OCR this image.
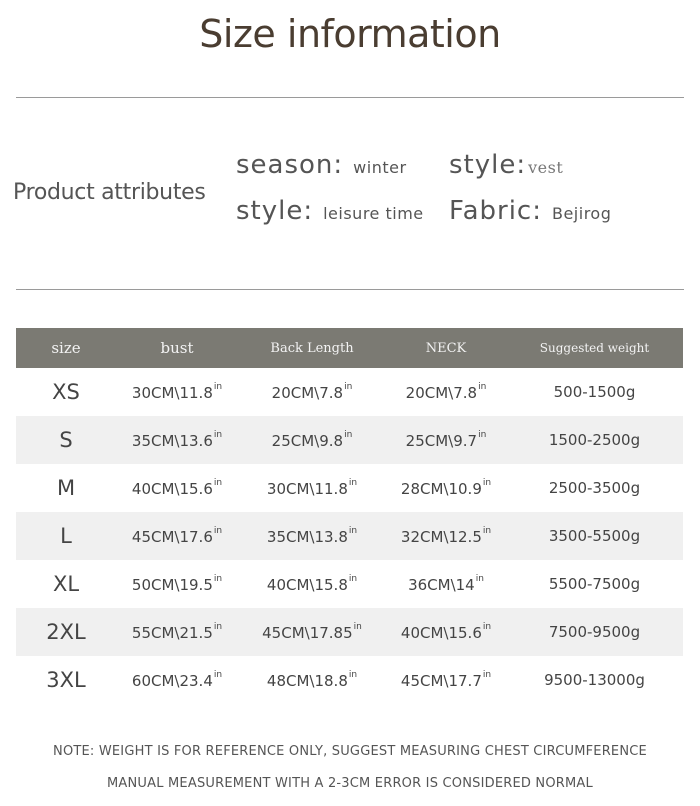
Size information
Product attributes
season: winter style: vest
style: leisure time Fabric: Bejirog
size	bust	Back Length	NECK	Suggested weight
XS	$30CM\backslash 11.8^{in}$	$20CM\backslash 7.8^{in}$	$20CM\backslash 7.8^{in}$	500-1500g
S	$35CM\backslash 13.6^{in}$	$25CM\backslash 9.8^{in}$	$25CM\backslash 9.7^{in}$	1500-2500g
M	$40CM\backslash 15.6^{in}$	$30CM\backslash 11.8^{in}$	$28CM\backslash 10.9^{in}$	2500-3500g
L	$45CM\backslash 17.6^{in}$	$35CM\backslash 13.8^{in}$	$32CM\backslash 12.5^{in}$	3500-5500g
XL	$50CM\backslash 19.5^{in}$	$40CM\backslash 15.8^{in}$	$36CM\backslash 14^{in}$	5500-7500g
2XL	$55CM\backslash 21.5^{in}$	$45CM\backslash 17.85^{in}$	$40CM\backslash 15.6^{in}$	7500-9500g
3XL	$60CM\backslash 23.4^{in}$	$48CM\backslash 18.8^{in}$	$45CM\backslash 17.7^{in}$	9500-13000g
NOTE: WEIGHT IS FOR REFERENCE ONLY, SUGGEST MEASURING CHEST CIRCUMFERENCE
MANUAL MEASUREMENT WITH A 2-3CM ERROR IS CONSIDERED NORMAL
